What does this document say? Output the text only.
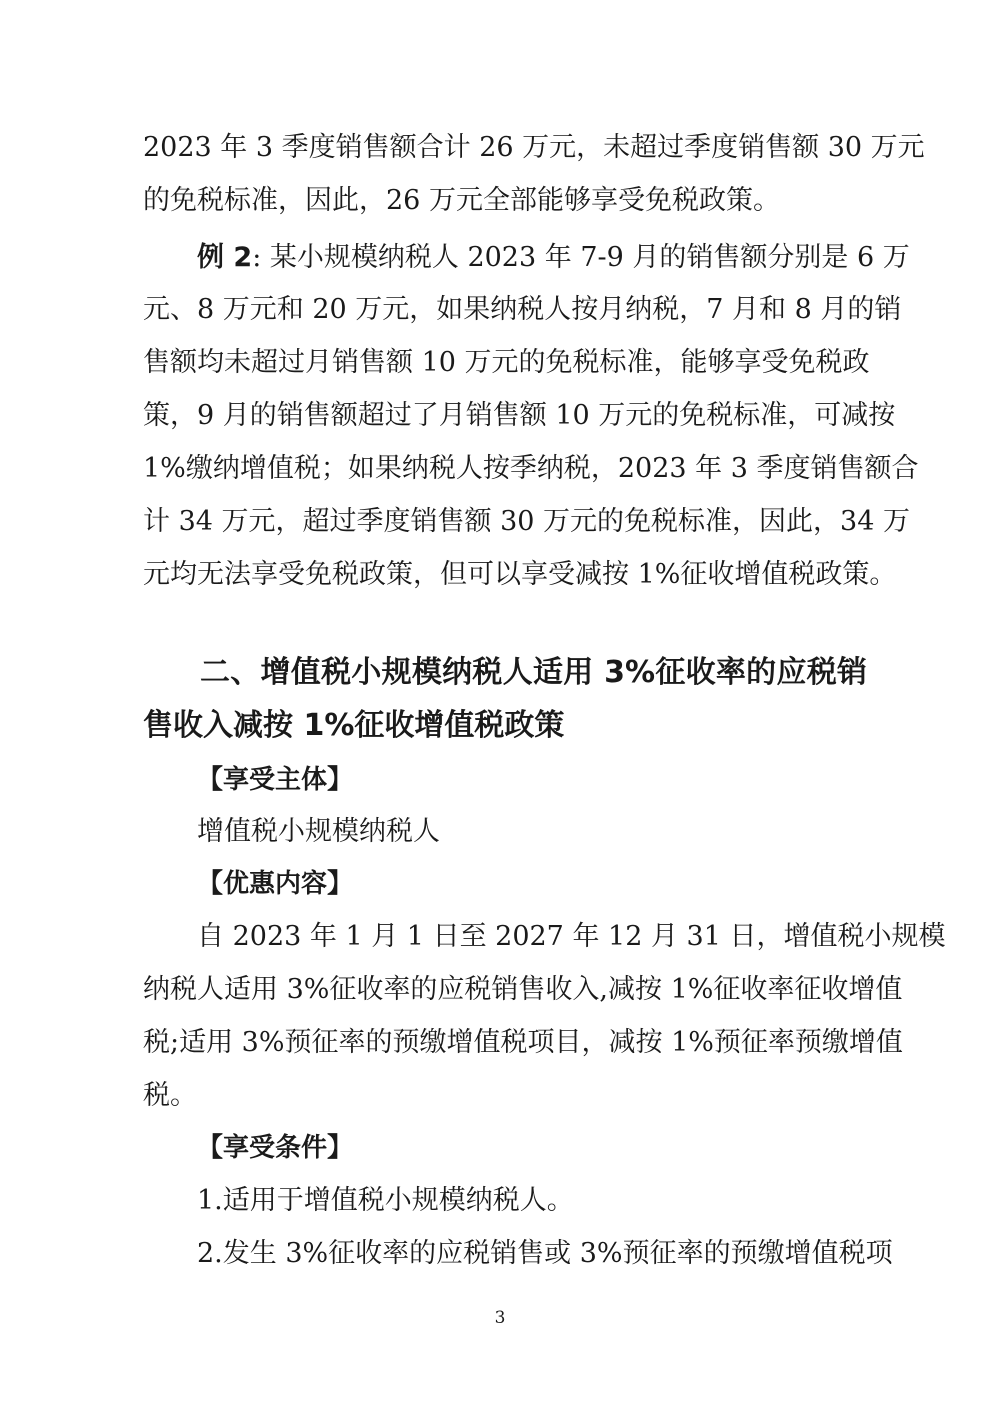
2023 年 3 季度销售额合计 26 万元，未超过季度销售额 30 万元
的免税标准，因此，26 万元全部能够享受免税政策。
例 2: 某小规模纳税人 2023 年 7-9 月的销售额分别是 6 万
元、8 万元和 20 万元，如果纳税人按月纳税，7 月和 8 月的销
售额均未超过月销售额 10 万元的免税标准，能够享受免税政
策，9 月的销售额超过了月销售额 10 万元的免税标准，可减按
1%缴纳增值税；如果纳税人按季纳税，2023 年 3 季度销售额合
计 34 万元，超过季度销售额 30 万元的免税标准，因此，34 万
元均无法享受免税政策，但可以享受减按 1%征收增值税政策。
二、增值税小规模纳税人适用 3%征收率的应税销
售收入减按 1%征收增值税政策
【享受主体】
增值税小规模纳税人
【优惠内容】
自 2023 年 1 月 1 日至 2027 年 12 月 31 日，增值税小规模
纳税人适用 3%征收率的应税销售收入,减按 1%征收率征收增值
税;适用 3%预征率的预缴增值税项目，减按 1%预征率预缴增值
税。
【享受条件】
1.适用于增值税小规模纳税人。
2.发生 3%征收率的应税销售或 3%预征率的预缴增值税项
3
